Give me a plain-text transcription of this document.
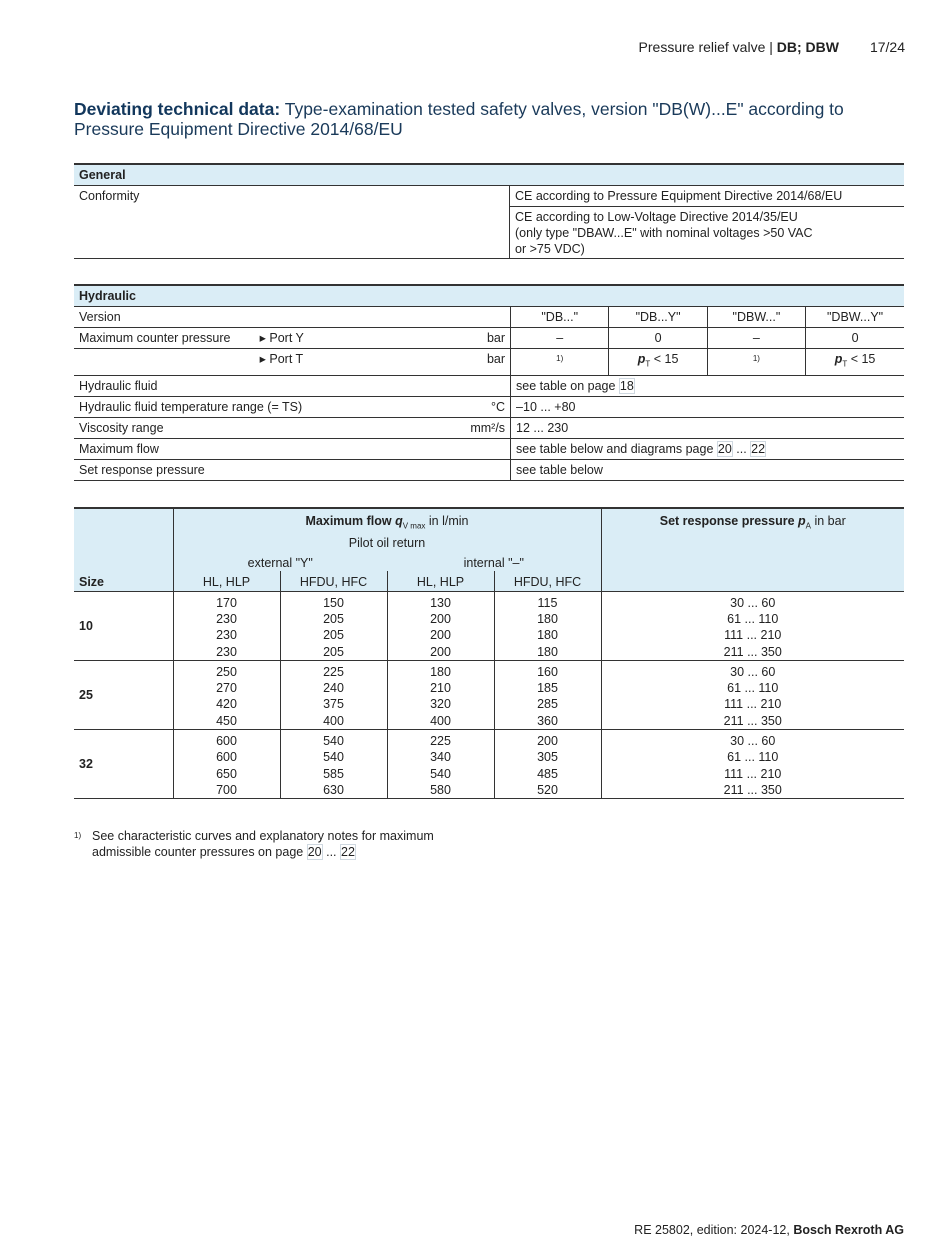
Pressure relief valve | DB; DBW 17/24
Deviating technical data: Type-examination tested safety valves, version "DB(W)...E" according to Pressure Equipment Directive 2014/68/EU
General
Conformity	CE according to Pressure Equipment Directive 2014/68/EU

CE according to Low-Voltage Directive 2014/35/EU
(only type "DBAW...E" with nominal voltages >50 VAC
or >75 VDC)
Hydraulic						
Version			"DB..."	"DB...Y"	"DBW..."	"DBW...Y"
Maximum counter pressure	▸ Port Y	bar	–	0	–	0
	▸ Port T	bar	$^{1)}$	$p_T < 15$	$^{1)}$	$p_T < 15$
Hydraulic fluid			see table on page 18			
Hydraulic fluid temperature range (= TS)		°C	–10 ... +80			
Viscosity range		mm²/s	12 ... 230			
Maximum flow			see table below and diagrams page 20 ... 22			
Set response pressure			see table below			
Size	Maximum flow $q_{V max}$ in l/min				Set response pressure $p_A$ in bar
	Pilot oil return				
	external "Y"		internal "–"		
	HL, HLP	HFDU, HFC	HL, HLP	HFDU, HFC	
10	170	150	130	115	30 ... 60
	230	205	200	180	61 ... 110
	230	205	200	180	111 ... 210
	230	205	200	180	211 ... 350
25	250	225	180	160	30 ... 60
	270	240	210	185	61 ... 110
	420	375	320	285	111 ... 210
	450	400	400	360	211 ... 350
32	600	540	225	200	30 ... 60
	600	540	340	305	61 ... 110
	650	585	540	485	111 ... 210
	700	630	580	520	211 ... 350
1) See characteristic curves and explanatory notes for maximum
admissible counter pressures on page 20 ... 22
RE 25802, edition: 2024-12, Bosch Rexroth AG
